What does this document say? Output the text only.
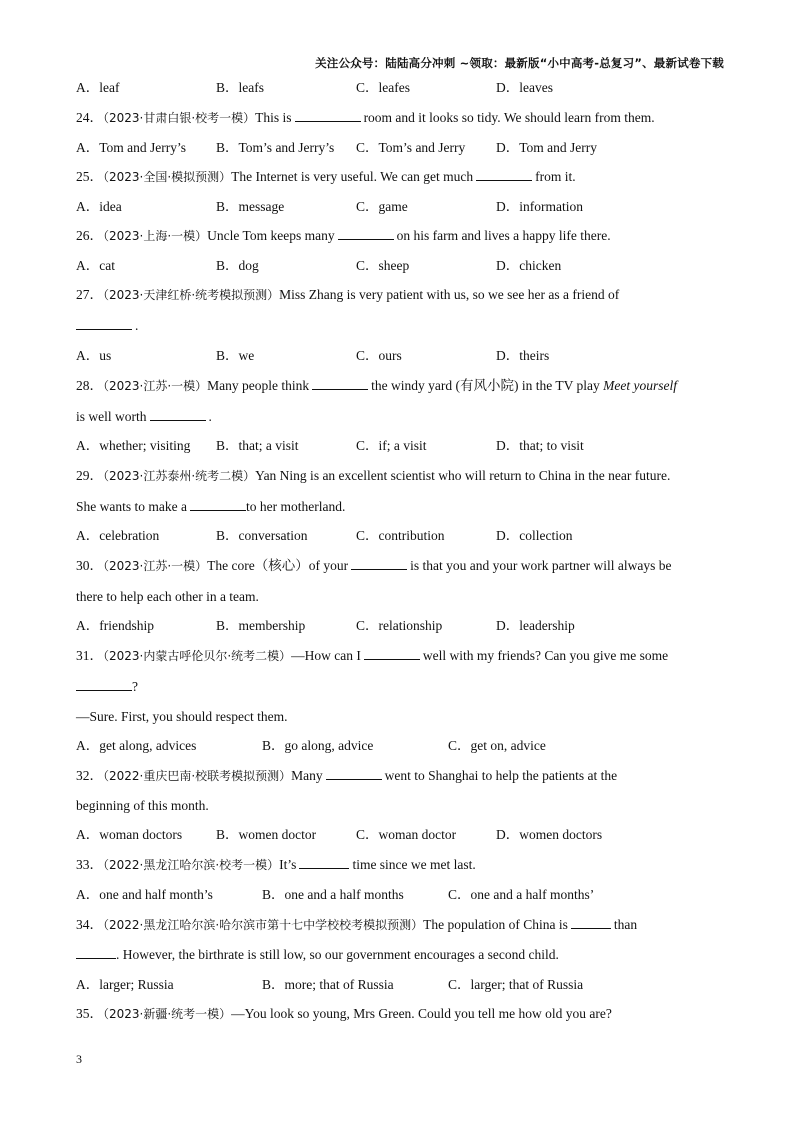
关注公众号：陆陆高分冲刺 ~领取：最新版“小中高考-总复习”、最新试卷下载
A．leaf	B．leafs	C．leafes	D．leaves
24．（2023·甘肃白银·校考一模）This is	room and it looks so tidy. We should learn from them.
A．Tom and Jerry’s B．Tom’s and Jerry’s C．Tom’s and Jerry D．Tom and Jerry
25．（2023·全国·模拟预测）The Internet is very useful. We can get much	from it.
A．idea	B．message	C．game	D．information
26．（2023·上海·一模）Uncle Tom keeps many	on his farm and lives a happy life there.
A．cat	B．dog	C．sheep	D．chicken
27．（2023·天津红桥·统考模拟预测）Miss Zhang is very patient with us, so we see her as a friend of
.
A．us	B．we	C．ours	D．theirs
28．（2023·江苏·一模）Many people think	the windy yard (有风小院) in the TV play Meet yourself
is well worth	.
A．whether; visiting B．that; a visit	C．if; a visit	D．that; to visit
29．（2023·江苏泰州·统考二模）Yan Ning is an excellent scientist who will return to China in the near future.
She wants to make a	to her motherland.
A．celebration	B．conversation	C．contribution	D．collection
30．（2023·江苏·一模）The core（核心）of your	is that you and your work partner will always be
there to help each other in a team.
A．friendship	B．membership	C．relationship	D．leadership
31．（2023·内蒙古呼伦贝尔·统考二模）—How can I	well with my friends? Can you give me some
?
—Sure. First, you should respect them.
A．get along, advices	B．go along, advice	C．get on, advice
32．（2022·重庆巴南·校联考模拟预测）Many	went to Shanghai to help the patients at the
beginning of this month.
A．woman doctors	B．women doctor	C．woman doctor	D．women doctors
33．（2022·黑龙江哈尔滨·校考一模）It’s	time since we met last.
A．one and half month’s	B．one and a half months	C．one and a half months’
34．（2022·黑龙江哈尔滨·哈尔滨市第十七中学校校考模拟预测）The population of China is	than
. However, the birthrate is still low, so our government encourages a second child.
A．larger; Russia	B．more; that of Russia	C．larger; that of Russia
35．（2023·新疆·统考一模）—You look so young, Mrs Green. Could you tell me how old you are?
3
